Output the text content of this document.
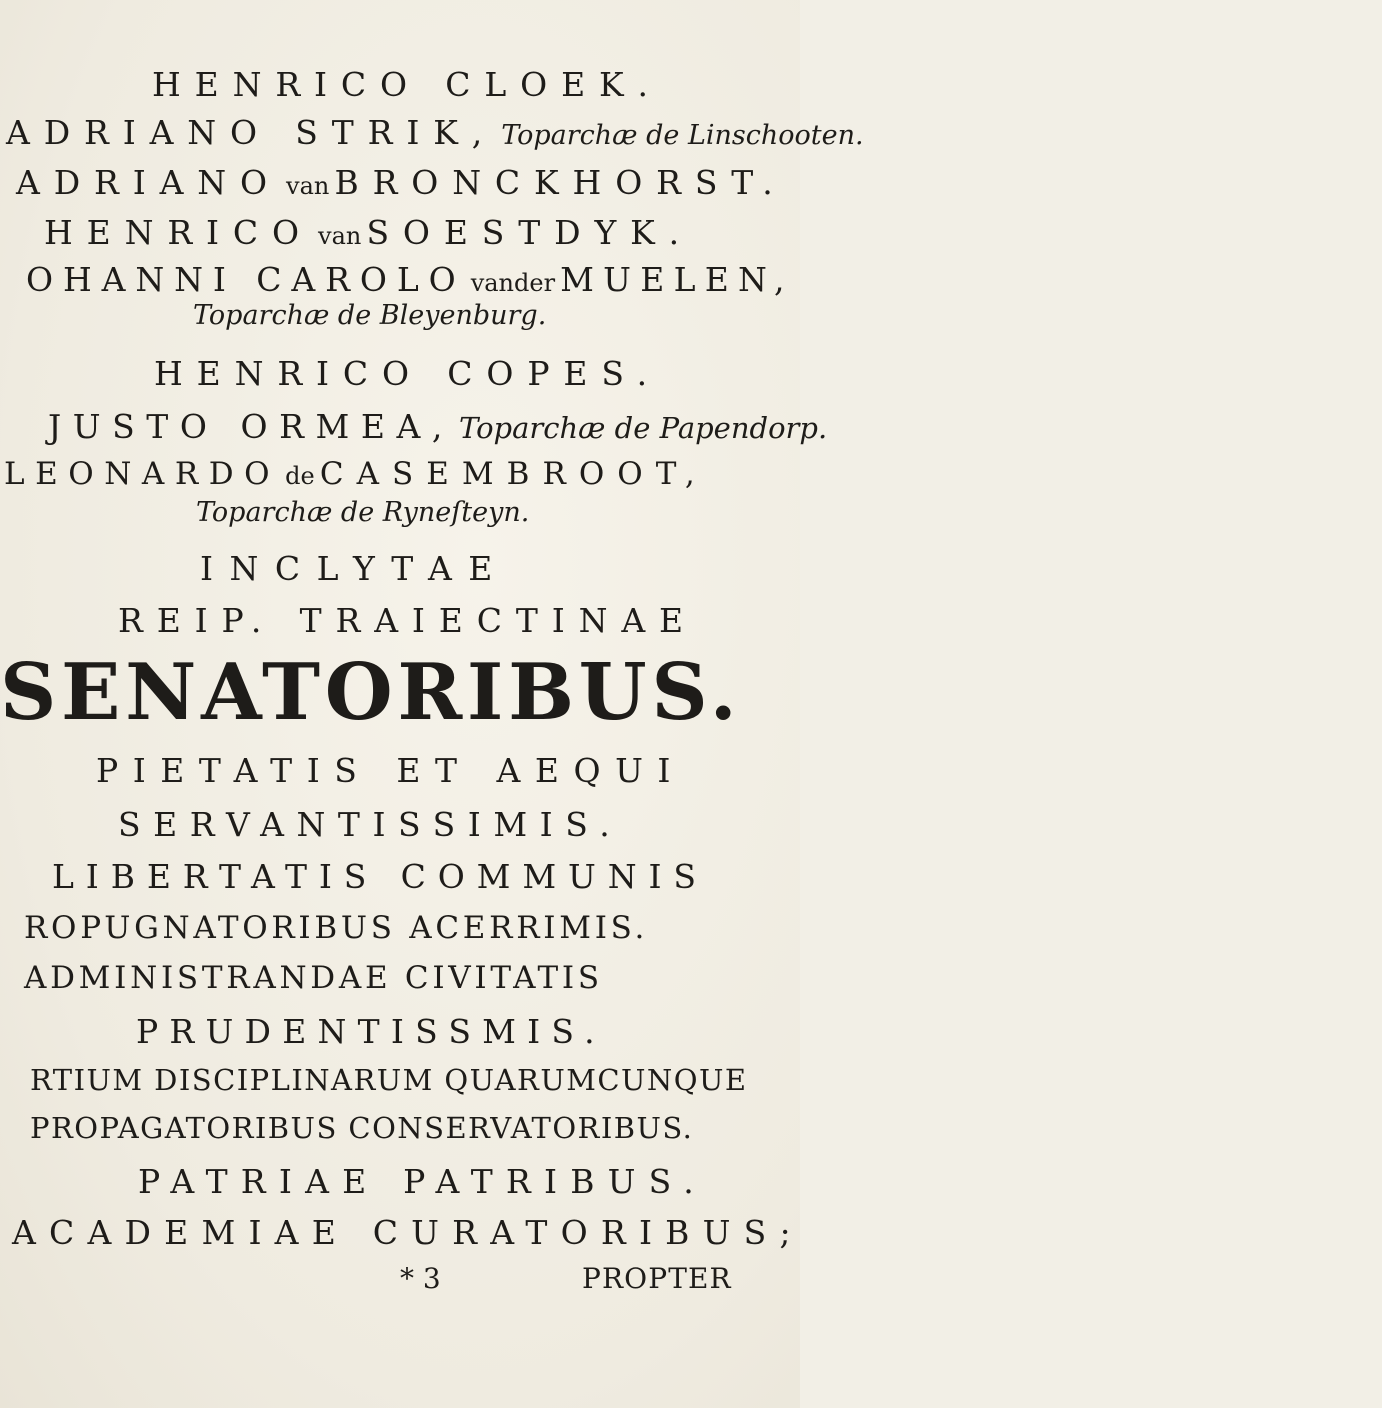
HENRICO CLOEK.
ADRIANO STRIK, Toparchæ de Linschooten.
ADRIANO van BRONCKHORST.
HENRICO van SOESTDYK.
OHANNI CAROLO vander MUELEN,
Toparchæ de Bleyenburg.
HENRICO COPES.
JUSTO ORMEA, Toparchæ de Papendorp.
LEONARDO de CASEMBROOT,
Toparchæ de Ryneſteyn.
INCLYTAE
REIP. TRAIECTINAE
SENATORIBUS.
PIETATIS ET AEQUI
SERVANTISSIMIS.
LIBERTATIS COMMUNIS
ROPUGNATORIBUS ACERRIMIS.
ADMINISTRANDAE CIVITATIS
PRUDENTISSMIS.
RTIUM DISCIPLINARUM QUARUMCUNQUE
PROPAGATORIBUS CONSERVATORIBUS.
PATRIAE PATRIBUS.
ACADEMIAE CURATORIBUS;
* 3	PROPTER
